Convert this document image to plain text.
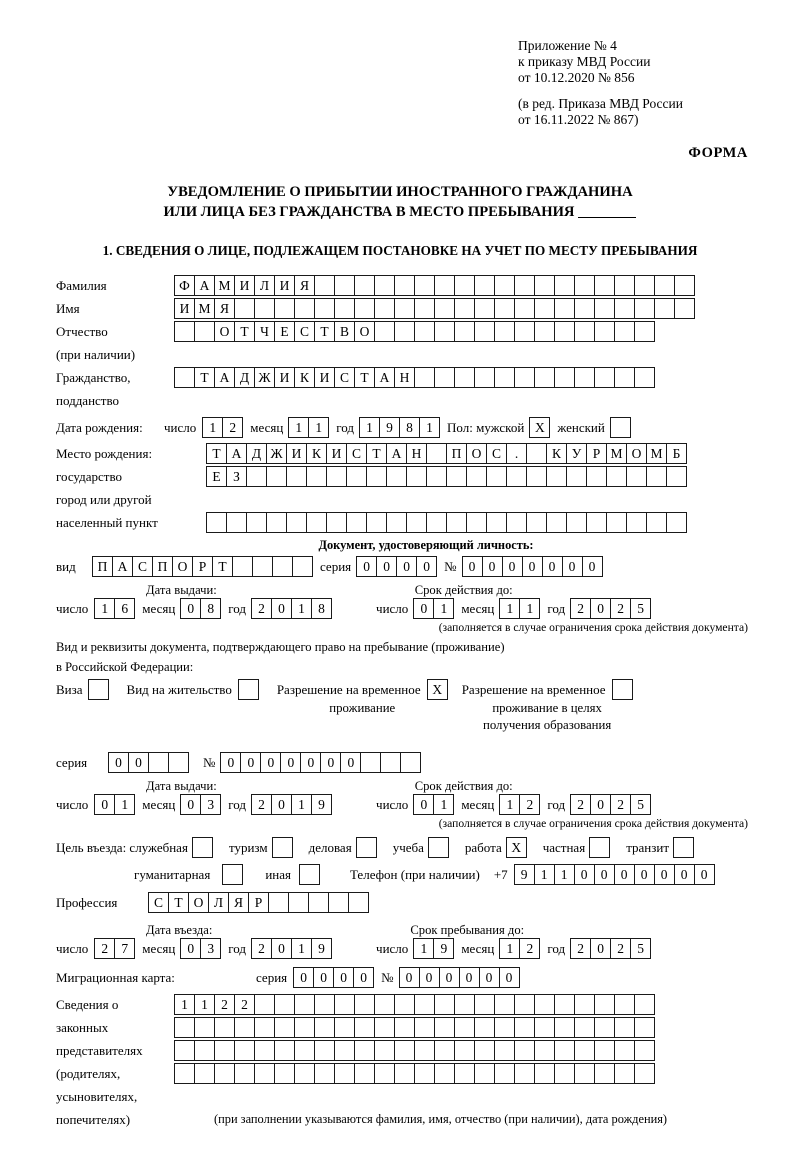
Приложение № 4
к приказу МВД России
от 10.12.2020 № 856
(в ред. Приказа МВД России
от 16.11.2022 № 867)
ФОРМА
УВЕДОМЛЕНИЕ О ПРИБЫТИИ ИНОСТРАННОГО ГРАЖДАНИНА
ИЛИ ЛИЦА БЕЗ ГРАЖДАНСТВА В МЕСТО ПРЕБЫВАНИЯ
1. СВЕДЕНИЯ О ЛИЦЕ, ПОДЛЕЖАЩЕМ ПОСТАНОВКЕ НА УЧЕТ ПО МЕСТУ ПРЕБЫВАНИЯ
Фамилия	Ф А М И Л И Я
Имя	И М Я
Отчество	О Т Ч Е С Т В О
(при наличии)
Гражданство,	Т А Д Ж И К И С Т А Н
подданство
Дата рождения:	число 1 2	месяц 1 1	год 1 9 8 1	Пол: мужской Х женский
Место рождения:	Т А Д Ж И К И С Т А Н	П О С	.	К У Р М О М Б
государство	Е З
город или другой
населенный пункт
Документ, удостоверяющий личность:
вид	П А С П О Р Т	серия 0 0 0 0	№ 0 0 0 0 0 0 0
Дата выдачи:	Срок действия до:
число 1 6	месяц 0 8	год 2 0 1 8	число 0 1	месяц 1 1	год 2 0 2 5
(заполняется в случае ограничения срока действия документа)
Вид и реквизиты документа, подтверждающего право на пребывание (проживание)
в Российской Федерации:
Виза	Вид на жительство	Разрешение на временное Х
проживание
Разрешение на временное
проживание в целях
получения образования
серия	0 0	№ 0 0 0 0 0 0 0
Дата выдачи:	Срок действия до:
число 0 1	месяц 0 3	год 2 0 1 9	число 0 1	месяц 1 2	год 2 0 2 5
(заполняется в случае ограничения срока действия документа)
Цель въезда: служебная	туризм	деловая	учеба	работа Х	частная	транзит
гуманитарная	иная	Телефон (при наличии) +7 9 1 1 0 0 0 0 0 0 0
Профессия	С Т О Л Я Р
Дата въезда:	Срок пребывания до:
число 2 7	месяц 0 3	год 2 0 1 9	число 1 9	месяц 1 2	год 2 0 2 5
Миграционная карта:	серия 0 0 0 0	№ 0 0 0 0 0 0
Сведения о	1 1 2 2
законных
представителях
(родителях,
усыновителях,
попечителях)	(при заполнении указываются фамилия, имя, отчество (при наличии), дата рождения)
